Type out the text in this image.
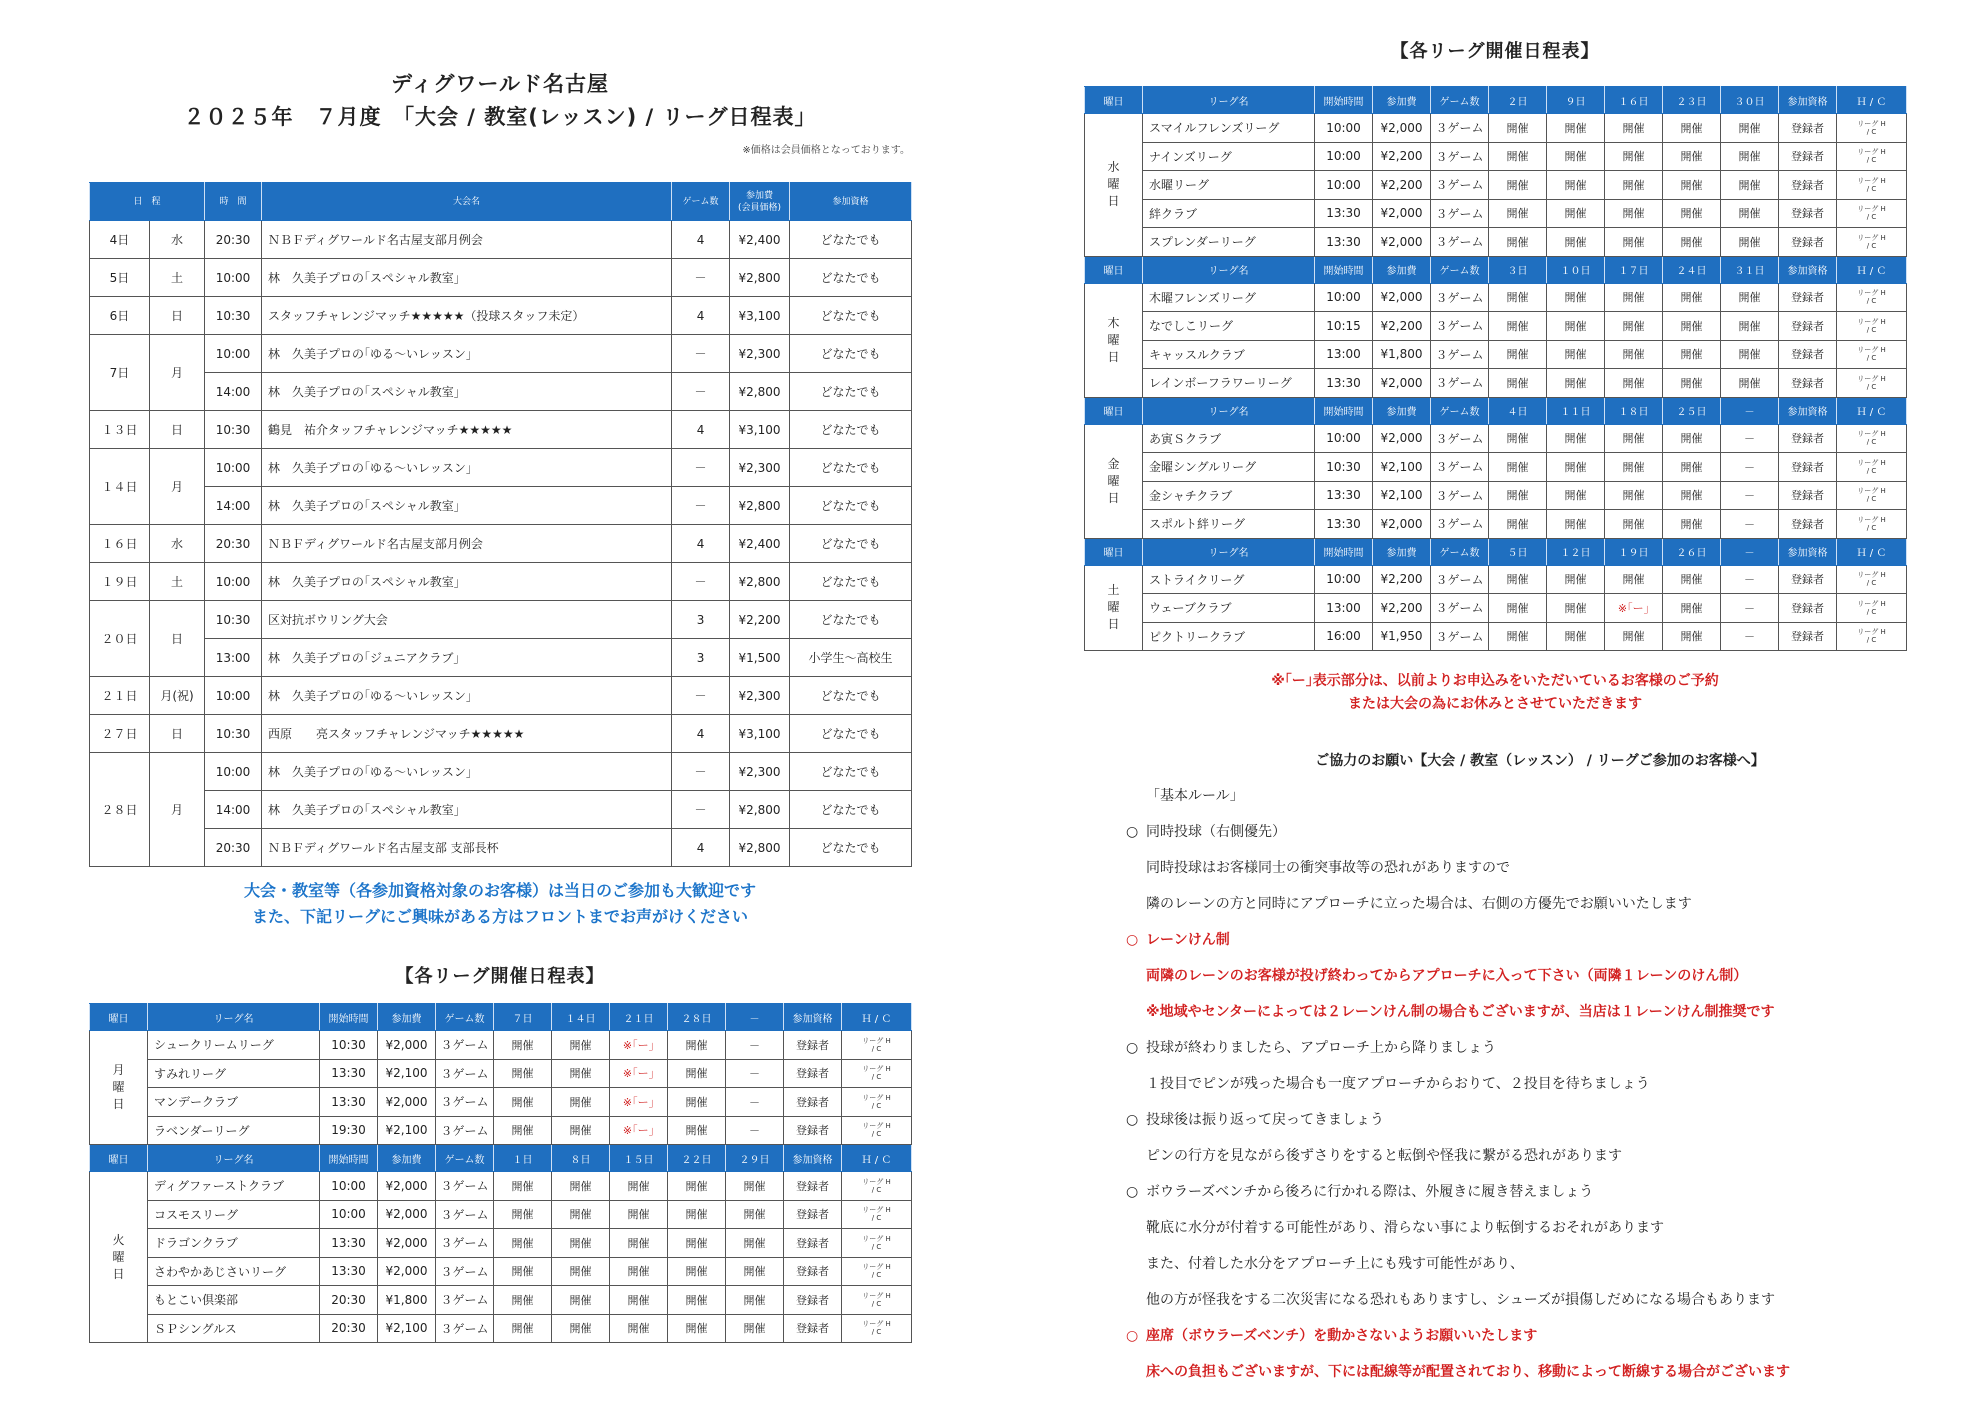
ディグワールド名古屋
２０２５年　７月度　「大会 / 教室(レッスン) / リーグ日程表」
※価格は会員価格となっております。
日　程		時　間	大会名	ゲーム数	参加費
(会員価格)	参加資格
4日	水	20:30	ＮＢＦディグワールド名古屋支部月例会	4	¥2,400	どなたでも
5日	土	10:00	林　久美子プロの｢スペシャル教室｣	－	¥2,800	どなたでも
6日	日	10:30	スタッフチャレンジマッチ★★★★★（投球スタッフ未定）	4	¥3,100	どなたでも
7日	月	10:00	林　久美子プロの｢ゆる〜いレッスン｣	－	¥2,300	どなたでも
		14:00	林　久美子プロの｢スペシャル教室｣	－	¥2,800	どなたでも
１３日	日	10:30	鶴見　祐介タッフチャレンジマッチ★★★★★	4	¥3,100	どなたでも
１４日	月	10:00	林　久美子プロの｢ゆる〜いレッスン｣	－	¥2,300	どなたでも
		14:00	林　久美子プロの｢スペシャル教室｣	－	¥2,800	どなたでも
１６日	水	20:30	ＮＢＦディグワールド名古屋支部月例会	4	¥2,400	どなたでも
１９日	土	10:00	林　久美子プロの｢スペシャル教室｣	－	¥2,800	どなたでも
２０日	日	10:30	区対抗ボウリング大会	3	¥2,200	どなたでも
		13:00	林　久美子プロの｢ジュニアクラブ｣	3	¥1,500	小学生〜高校生
２１日	月(祝)	10:00	林　久美子プロの｢ゆる〜いレッスン｣	－	¥2,300	どなたでも
２７日	日	10:30	西原　　亮スタッフチャレンジマッチ★★★★★	4	¥3,100	どなたでも
２８日	月	10:00	林　久美子プロの｢ゆる〜いレッスン｣	－	¥2,300	どなたでも
		14:00	林　久美子プロの｢スペシャル教室｣	－	¥2,800	どなたでも
		20:30	ＮＢＦディグワールド名古屋支部 支部長杯	4	¥2,800	どなたでも
大会・教室等（各参加資格対象のお客様）は当日のご参加も大歓迎です
また、下記リーグにご興味がある方はフロントまでお声がけください
【各リーグ開催日程表】
【各リーグ開催日程表】
曜日	リーグ名	開始時間	参加費	ゲーム数	７日	１４日	２１日	２８日	－	参加資格	Ｈ / Ｃ
月曜日	シュークリームリーグ	10:30	¥2,000	３ゲーム	開催	開催	※｢ー｣	開催	－	登録者	リーグ H / C
	すみれリーグ	13:30	¥2,100	３ゲーム	開催	開催	※｢ー｣	開催	－	登録者	リーグ H / C
	マンデークラブ	13:30	¥2,000	３ゲーム	開催	開催	※｢ー｣	開催	－	登録者	リーグ H / C
	ラベンダーリーグ	19:30	¥2,100	３ゲーム	開催	開催	※｢ー｣	開催	－	登録者	リーグ H / C
曜日	リーグ名	開始時間	参加費	ゲーム数	１日	８日	１５日	２２日	２９日	参加資格	Ｈ / Ｃ
火曜日	ディグファーストクラブ	10:00	¥2,000	３ゲーム	開催	開催	開催	開催	開催	登録者	リーグ H / C
	コスモスリーグ	10:00	¥2,000	３ゲーム	開催	開催	開催	開催	開催	登録者	リーグ H / C
	ドラゴンクラブ	13:30	¥2,000	３ゲーム	開催	開催	開催	開催	開催	登録者	リーグ H / C
	さわやかあじさいリーグ	13:30	¥2,000	３ゲーム	開催	開催	開催	開催	開催	登録者	リーグ H / C
	もとこい倶楽部	20:30	¥1,800	３ゲーム	開催	開催	開催	開催	開催	登録者	リーグ H / C
	ＳＰシングルス	20:30	¥2,100	３ゲーム	開催	開催	開催	開催	開催	登録者	リーグ H / C
曜日	リーグ名	開始時間	参加費	ゲーム数	２日	９日	１６日	２３日	３０日	参加資格	Ｈ / Ｃ
水曜日	スマイルフレンズリーグ	10:00	¥2,000	３ゲーム	開催	開催	開催	開催	開催	登録者	リーグ H / C
	ナインズリーグ	10:00	¥2,200	３ゲーム	開催	開催	開催	開催	開催	登録者	リーグ H / C
	水曜リーグ	10:00	¥2,200	３ゲーム	開催	開催	開催	開催	開催	登録者	リーグ H / C
	絆クラブ	13:30	¥2,000	３ゲーム	開催	開催	開催	開催	開催	登録者	リーグ H / C
	スプレンダーリーグ	13:30	¥2,000	３ゲーム	開催	開催	開催	開催	開催	登録者	リーグ H / C
曜日	リーグ名	開始時間	参加費	ゲーム数	３日	１０日	１７日	２４日	３１日	参加資格	Ｈ / Ｃ
木曜日	木曜フレンズリーグ	10:00	¥2,000	３ゲーム	開催	開催	開催	開催	開催	登録者	リーグ H / C
	なでしこリーグ	10:15	¥2,200	３ゲーム	開催	開催	開催	開催	開催	登録者	リーグ H / C
	キャッスルクラブ	13:00	¥1,800	３ゲーム	開催	開催	開催	開催	開催	登録者	リーグ H / C
	レインボーフラワーリーグ	13:30	¥2,000	３ゲーム	開催	開催	開催	開催	開催	登録者	リーグ H / C
曜日	リーグ名	開始時間	参加費	ゲーム数	４日	１１日	１８日	２５日	－	参加資格	Ｈ / Ｃ
金曜日	あ寅Ｓクラブ	10:00	¥2,000	３ゲーム	開催	開催	開催	開催	－	登録者	リーグ H / C
	金曜シングルリーグ	10:30	¥2,100	３ゲーム	開催	開催	開催	開催	－	登録者	リーグ H / C
	金シャチクラブ	13:30	¥2,100	３ゲーム	開催	開催	開催	開催	－	登録者	リーグ H / C
	スポルト絆リーグ	13:30	¥2,000	３ゲーム	開催	開催	開催	開催	－	登録者	リーグ H / C
曜日	リーグ名	開始時間	参加費	ゲーム数	５日	１２日	１９日	２６日	－	参加資格	Ｈ / Ｃ
土曜日	ストライクリーグ	10:00	¥2,200	３ゲーム	開催	開催	開催	開催	－	登録者	リーグ H / C
	ウェーブクラブ	13:00	¥2,200	３ゲーム	開催	開催	※｢ー｣	開催	－	登録者	リーグ H / C
	ピクトリークラブ	16:00	¥1,950	３ゲーム	開催	開催	開催	開催	－	登録者	リーグ H / C
※｢ー｣表示部分は、以前よりお申込みをいただいているお客様のご予約
または大会の為にお休みとさせていただきます
ご協力のお願い【大会 / 教室（レッスン） / リーグご参加のお客様へ】
「基本ルール」
○ 同時投球（右側優先）
同時投球はお客様同士の衝突事故等の恐れがありますので
隣のレーンの方と同時にアプローチに立った場合は、右側の方優先でお願いいたします
○ レーンけん制
両隣のレーンのお客様が投げ終わってからアプローチに入って下さい（両隣１レーンのけん制）
※地域やセンターによっては２レーンけん制の場合もございますが、当店は１レーンけん制推奨です
○ 投球が終わりましたら、アプローチ上から降りましょう
１投目でピンが残った場合も一度アプローチからおりて、２投目を待ちましょう
○ 投球後は振り返って戻ってきましょう
ピンの行方を見ながら後ずさりをすると転倒や怪我に繋がる恐れがあります
○ ボウラーズベンチから後ろに行かれる際は、外履きに履き替えましょう
靴底に水分が付着する可能性があり、滑らない事により転倒するおそれがあります
また、付着した水分をアプローチ上にも残す可能性があり、
他の方が怪我をする二次災害になる恐れもありますし、シューズが損傷しだめになる場合もあります
○ 座席（ボウラーズベンチ）を動かさないようお願いいたします
床への負担もございますが、下には配線等が配置されており、移動によって断線する場合がございます
